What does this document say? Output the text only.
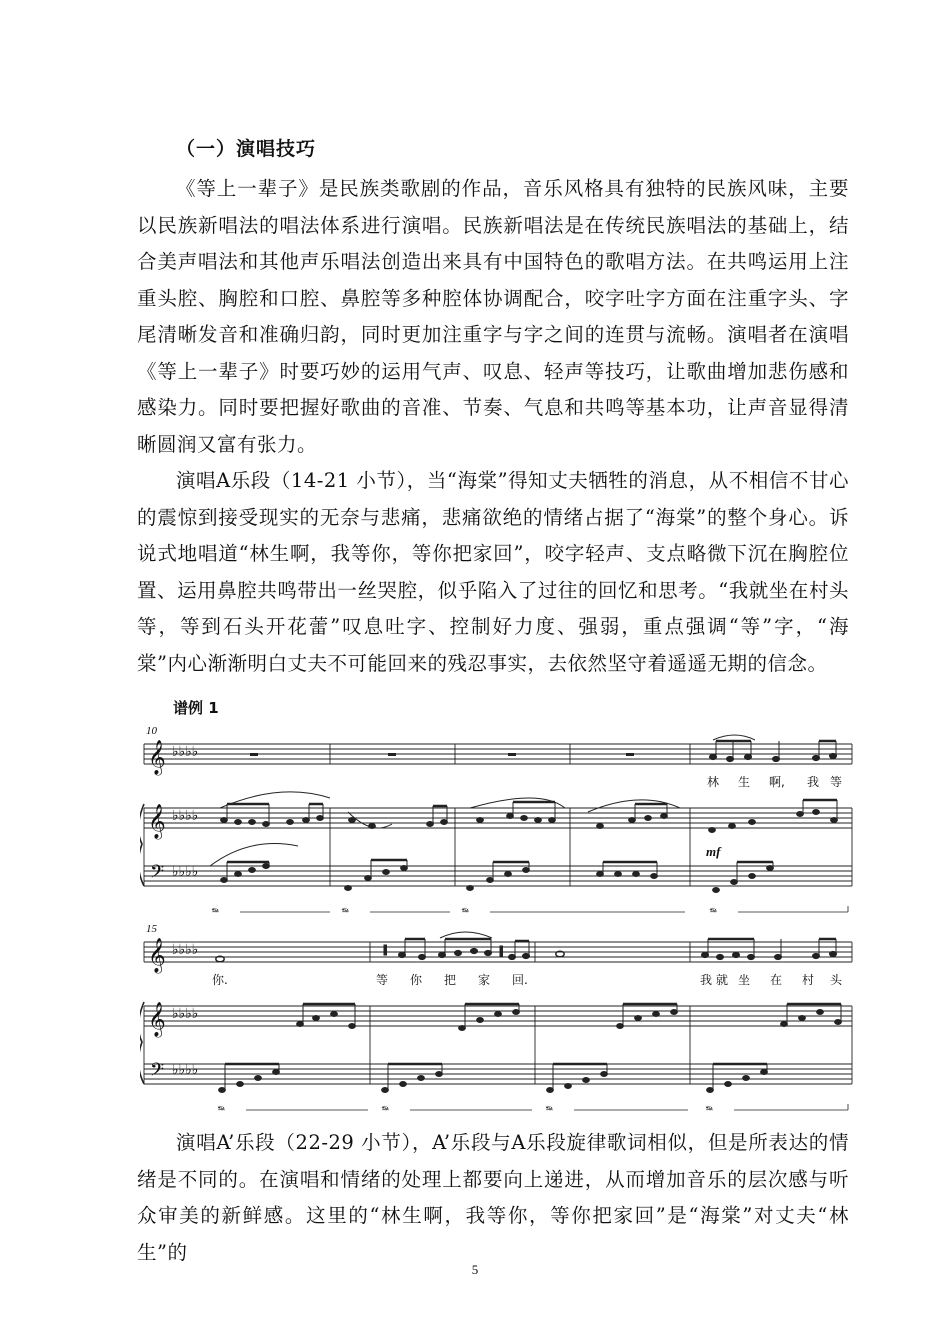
（一）演唱技巧

《等上一辈子》是民族类歌剧的作品，音乐风格具有独特的民族风味，主要以民族新唱法的唱法体系进行演唱。民族新唱法是在传统民族唱法的基础上，结合美声唱法和其他声乐唱法创造出来具有中国特色的歌唱方法。在共鸣运用上注重头腔、胸腔和口腔、鼻腔等多种腔体协调配合，咬字吐字方面在注重字头、字尾清晰发音和准确归韵，同时更加注重字与字之间的连贯与流畅。演唱者在演唱《等上一辈子》时要巧妙的运用气声、叹息、轻声等技巧，让歌曲增加悲伤感和感染力。同时要把握好歌曲的音准、节奏、气息和共鸣等基本功，让声音显得清晰圆润又富有张力。

演唱A乐段（14-21 小节），当“海棠”得知丈夫牺牲的消息，从不相信不甘心的震惊到接受现实的无奈与悲痛，悲痛欲绝的情绪占据了“海棠”的整个身心。诉说式地唱道“林生啊，我等你，等你把家回”，咬字轻声、支点略微下沉在胸腔位置、运用鼻腔共鸣带出一丝哭腔，似乎陷入了过往的回忆和思考。“我就坐在村头等，等到石头开花蕾”叹息吐字、控制好力度、强弱，重点强调“等”字，“海棠”内心渐渐明白丈夫不可能回来的残忍事实，去依然坚守着遥遥无期的信念。

谱例 1
10
𝄞 ♭♭♭♭
林 生 啊, 我 等
𝄞 ♭♭♭♭
𝄢 ♭♭♭♭
mf
𝆮	𝆮	𝆮	𝆮
15
𝄞 ♭♭♭♭
你.	等 你 把 家 回.	我 就 坐 在 村 头
𝄞 ♭♭♭♭
𝄢 ♭♭♭♭
𝆮	𝆮	𝆮	𝆮

演唱A’乐段（22-29 小节），A’乐段与A乐段旋律歌词相似，但是所表达的情绪是不同的。在演唱和情绪的处理上都要向上递进，从而增加音乐的层次感与听众审美的新鲜感。这里的“林生啊，我等你，等你把家回”是“海棠”对丈夫“林生”的

5
